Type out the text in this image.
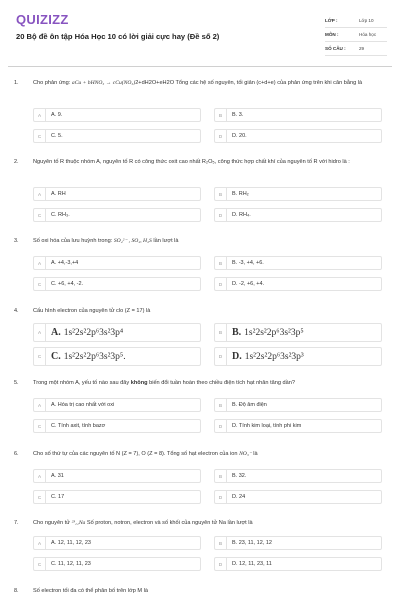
QUIZIZZ
20 Bộ đề ôn tập Hóa Học 10 có lời giải cực hay (Đề số 2)
LỚP :	Lớp 10
MÔN :	Hóa học
SỐ CÂU :	29
1.	Cho phản ứng: aCu + bHNO₃ → cCu(NO₃)2+dH2O+eH2O Tổng các hệ số nguyên, tối giản (c+d+e) của phản ứng trên khi cân bằng là
A	A. 9.	B	B. 3.
C	C. 5.	D	D. 20.
2.	Nguyên tố R thuộc nhóm A, nguyên tố R có công thức oxit cao nhất R₂O₅, công thức hợp chất khí của nguyên tố R với hidro là :
A	A. RH	B	B. RH₂
C	C. RH₃.	D	D. RH₄.
3.	Số oxi hóa của lưu huỳnh trong: SO₄²⁻ , SO₂, H₂S lần lượt là
A	A. +4,-3,+4	B	B. -3, +4, +6.
C	C. +6, +4, -2.	D	D. -2, +6, +4.
4.	Cấu hình electron của nguyên tử clo (Z = 17) là
A A. 1s²2s²2p⁶3s²3p⁴	B B. 1s²2s²2p⁶3s²3p⁵
C C. 1s²2s²2p⁶3s²3p⁵.	D D. 1s²2s²2p⁶3s²3p³
5.	Trong một nhóm A, yếu tố nào sau đây không biến đổi tuần hoàn theo chiều điện tích hạt nhân tăng dần?
A	A. Hóa trị cao nhất với oxi	B	B. Độ âm điện
C	C. Tính axit, tính bazơ	D	D. Tính kim loại, tính phi kim
6.	Cho số thứ tự của các nguyên tố N (Z = 7), O (Z = 8). Tổng số hạt electron của ion NO₃⁻ là
A	A. 31	B	B. 32.
C	C. 17	D	D. 24
7.	Cho nguyên tử ²³₁₁Na Số proton, notron, electron và số khối của nguyên tử Na lần lượt là
A	A. 12, 11, 12, 23	B	B. 23, 11, 12, 12
C	C. 11, 12, 11, 23	D	D. 12, 11, 23, 11
8.	Số electron tối đa có thể phân bố trên lớp M là
